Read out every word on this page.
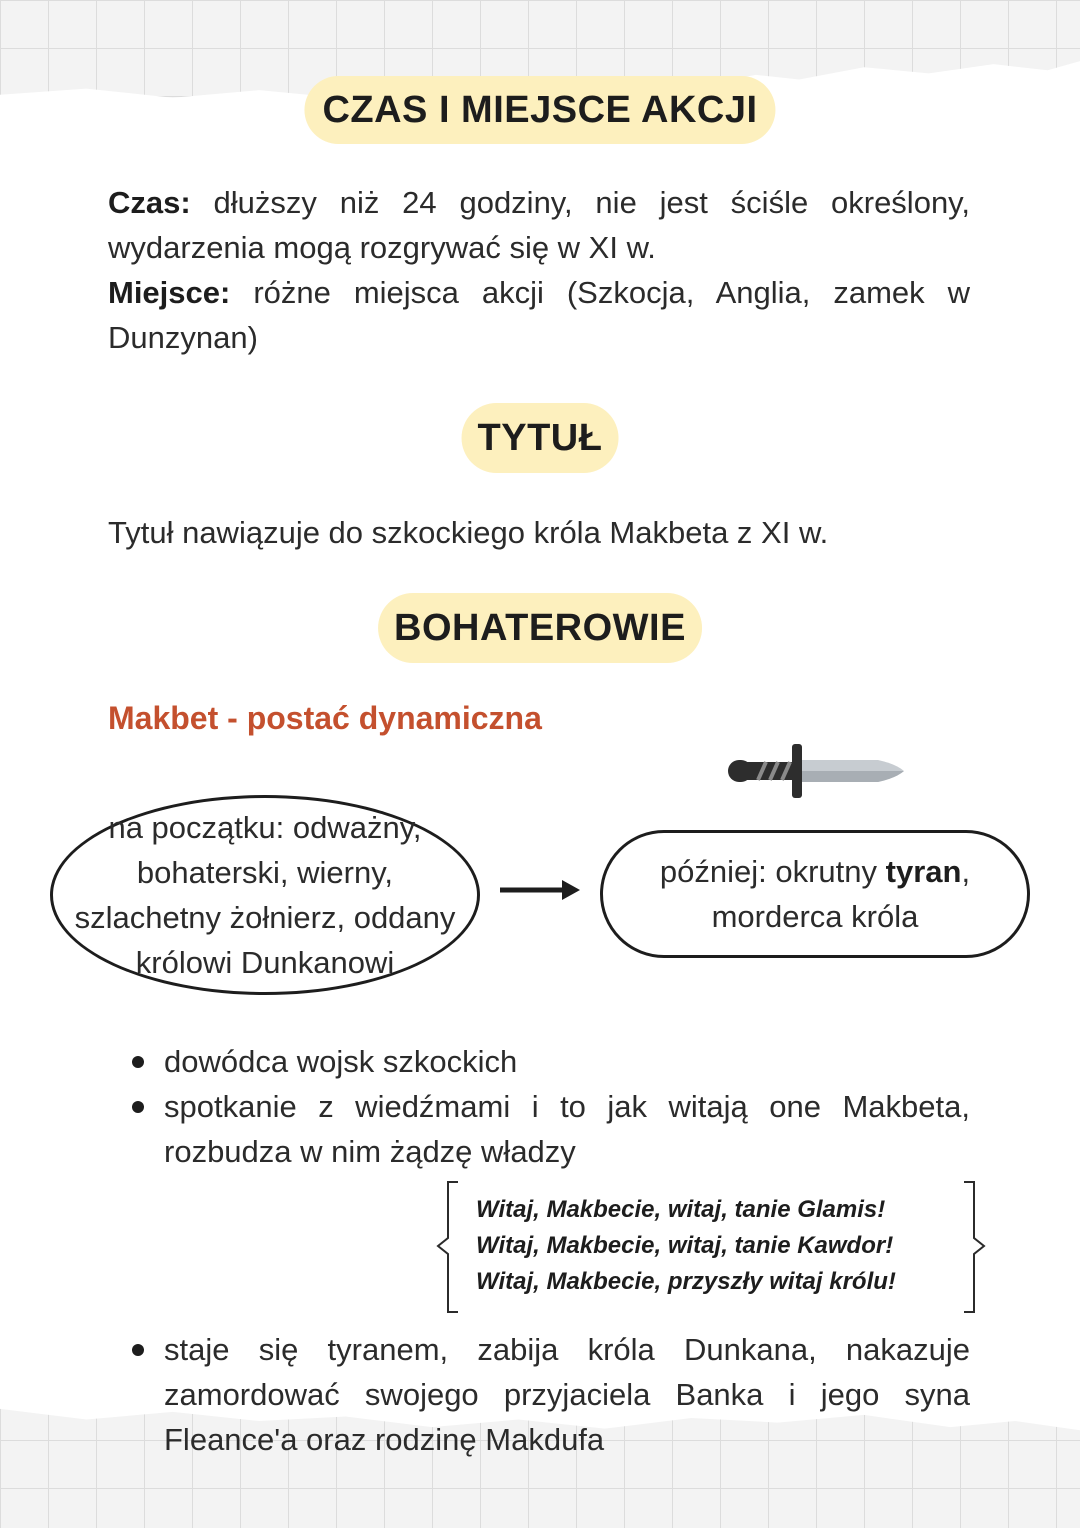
CZAS I MIEJSCE AKCJI
Czas: dłuższy niż 24 godziny, nie jest ściśle określony,
wydarzenia mogą rozgrywać się w XI w.
Miejsce: różne miejsca akcji (Szkocja, Anglia, zamek w
Dunzynan)
TYTUŁ
Tytuł nawiązuje do szkockiego króla Makbeta z XI w.
BOHATEROWIE
Makbet - postać dynamiczna
na początku: odważny,
bohaterski, wierny,
szlachetny żołnierz, oddany
królowi Dunkanowi
później: okrutny tyran,
morderca króla
dowódca wojsk szkockich
spotkanie z wiedźmami i to jak witają one Makbeta,
rozbudza w nim żądzę władzy
Witaj, Makbecie, witaj, tanie Glamis!
Witaj, Makbecie, witaj, tanie Kawdor!
Witaj, Makbecie, przyszły witaj królu!
staje się tyranem, zabija króla Dunkana, nakazuje
zamordować swojego przyjaciela Banka i jego syna
Fleance'a oraz rodzinę Makdufa
